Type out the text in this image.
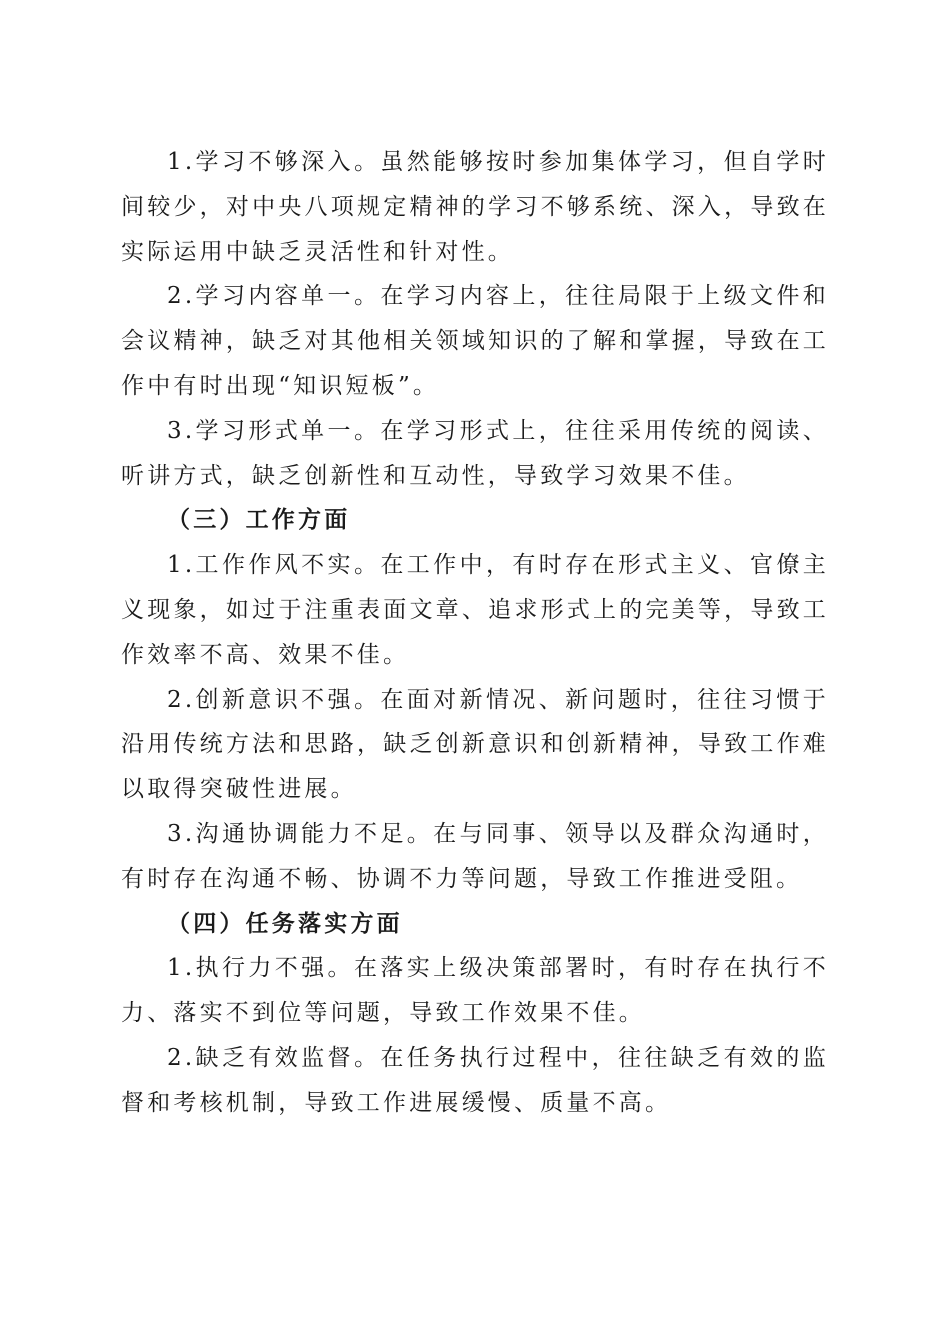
1.学习不够深入。虽然能够按时参加集体学习，但自学时间较少，对中央八项规定精神的学习不够系统、深入，导致在实际运用中缺乏灵活性和针对性。

2.学习内容单一。在学习内容上，往往局限于上级文件和会议精神，缺乏对其他相关领域知识的了解和掌握，导致在工作中有时出现“知识短板”。

3.学习形式单一。在学习形式上，往往采用传统的阅读、听讲方式，缺乏创新性和互动性，导致学习效果不佳。

（三）工作方面

1.工作作风不实。在工作中，有时存在形式主义、官僚主义现象，如过于注重表面文章、追求形式上的完美等，导致工作效率不高、效果不佳。

2.创新意识不强。在面对新情况、新问题时，往往习惯于沿用传统方法和思路，缺乏创新意识和创新精神，导致工作难以取得突破性进展。

3.沟通协调能力不足。在与同事、领导以及群众沟通时，有时存在沟通不畅、协调不力等问题，导致工作推进受阻。

（四）任务落实方面

1.执行力不强。在落实上级决策部署时，有时存在执行不力、落实不到位等问题，导致工作效果不佳。

2.缺乏有效监督。在任务执行过程中，往往缺乏有效的监督和考核机制，导致工作进展缓慢、质量不高。
